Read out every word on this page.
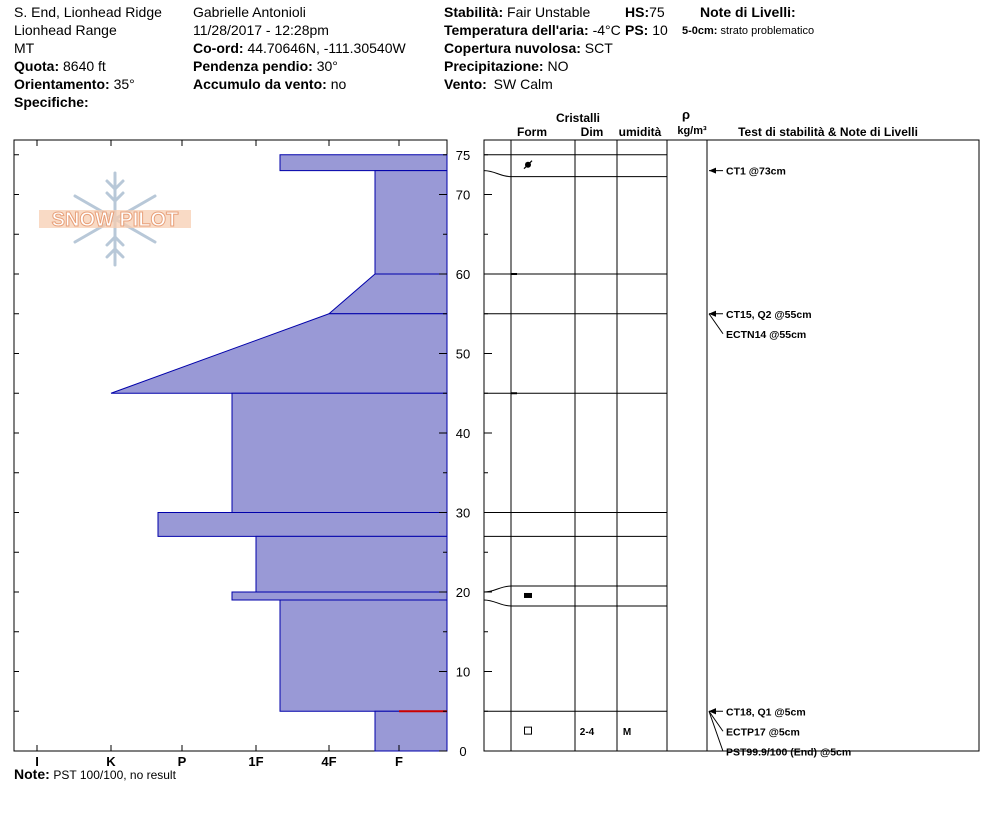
S. End, Lionhead Ridge
Lionhead Range
MT
Quota: 8640 ft
Orientamento: 35°
Specifiche:
Gabrielle Antonioli
11/28/2017 - 12:28pm
Co-ord: 44.70646N, -111.30540W
Pendenza pendio: 30°
Accumulo da vento: no
Stabilità: Fair Unstable HS:75
Temperatura dell'aria: -4°C PS: 10
Copertura nuvolosa: SCT
Precipitazione: NO
Vento: SW Calm
Note di Livelli:
5-0cm: strato problematico
SNOW PILOT
I	K	P	1F	4F	F
0
10
20
30
40
50
60
70
75
2-4	M
CT18, Q1 @5cm
ECTP17 @5cm
PST99.9/100 (End) @5cm
CT15, Q2 @55cm
ECTN14 @55cm
CT1 @73cm
Cristalli
Form	Dim umidità
ρ
kg/m³	Test di stabilità & Note di Livelli
Note: PST 100/100, no result
